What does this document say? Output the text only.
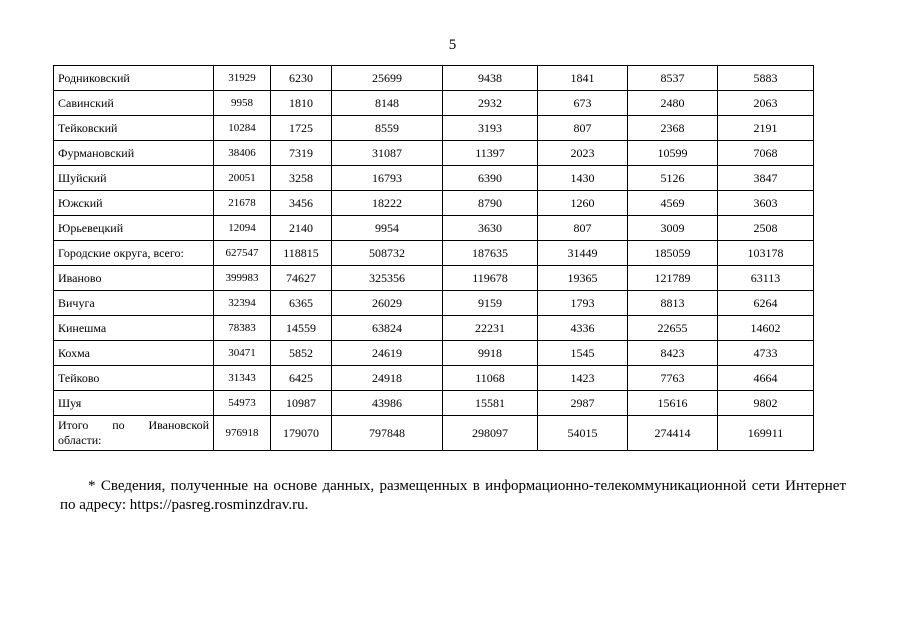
5
Родниковский	31929	6230	25699	9438	1841	8537	5883
Савинский	9958	1810	8148	2932	673	2480	2063
Тейковский	10284	1725	8559	3193	807	2368	2191
Фурмановский	38406	7319	31087	11397	2023	10599	7068
Шуйский	20051	3258	16793	6390	1430	5126	3847
Южский	21678	3456	18222	8790	1260	4569	3603
Юрьевецкий	12094	2140	9954	3630	807	3009	2508
Городские округа, всего:	627547	118815	508732	187635	31449	185059	103178
Иваново	399983	74627	325356	119678	19365	121789	63113
Вичуга	32394	6365	26029	9159	1793	8813	6264
Кинешма	78383	14559	63824	22231	4336	22655	14602
Кохма	30471	5852	24619	9918	1545	8423	4733
Тейково	31343	6425	24918	11068	1423	7763	4664
Шуя	54973	10987	43986	15581	2987	15616	9802
Итого по Ивановской области:	976918	179070	797848	298097	54015	274414	169911
* Сведения, полученные на основе данных, размещенных в информационно-телекоммуникационной сети Интернет по адресу: https://pasreg.rosminzdrav.ru.
